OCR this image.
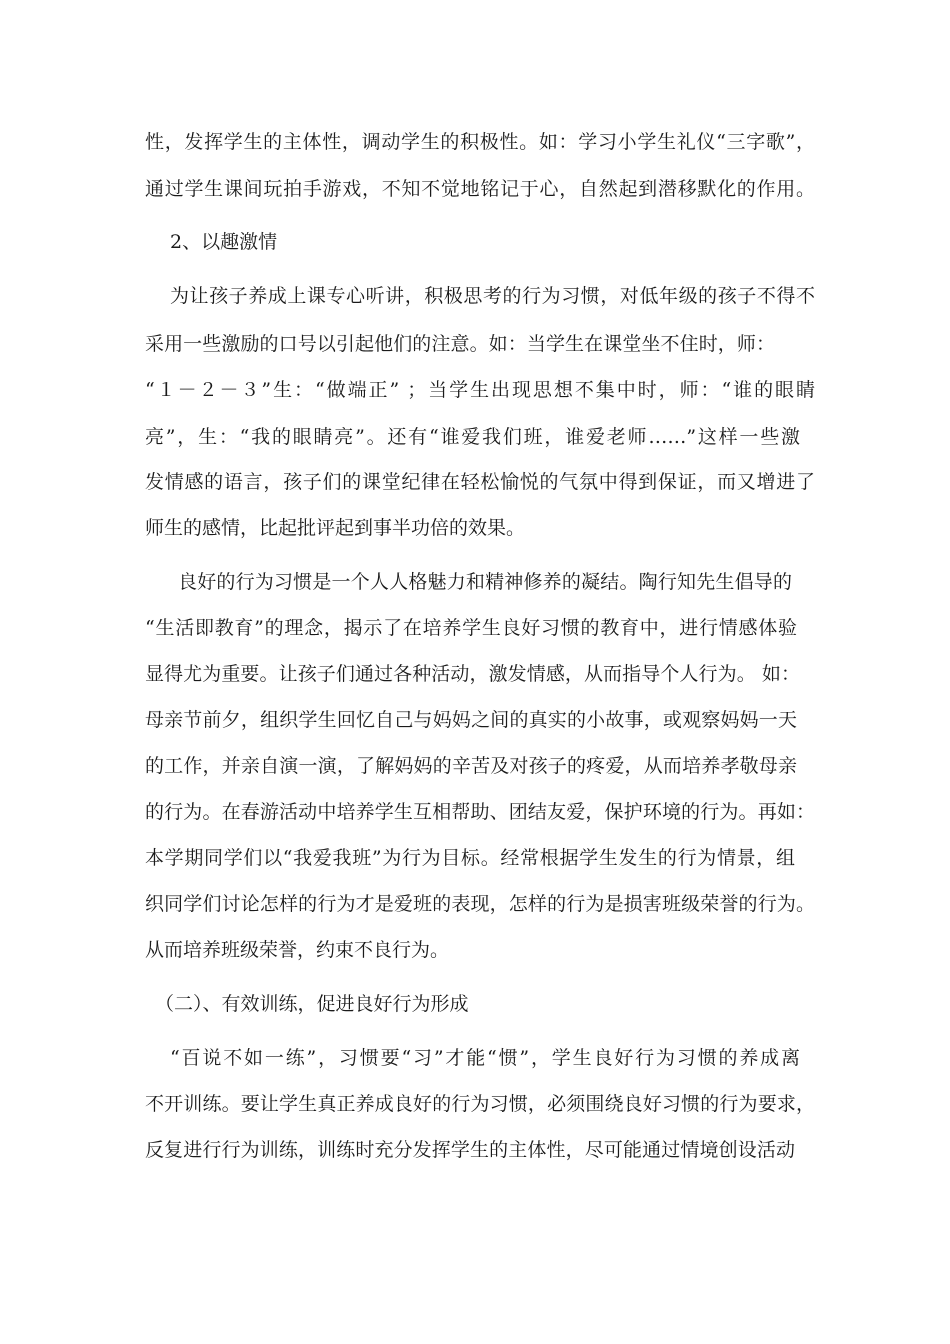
性，发挥学生的主体性，调动学生的积极性。如：学习小学生礼仪“三字歌”，
通过学生课间玩拍手游戏，不知不觉地铭记于心，自然起到潜移默化的作用。
2、以趣激情
为让孩子养成上课专心听讲，积极思考的行为习惯，对低年级的孩子不得不
采用一些激励的口号以引起他们的注意。如：当学生在课堂坐不住时，师：
“１－２－３”生：“做端正” ；当学生出现思想不集中时，师：“谁的眼睛
亮”，生：“我的眼睛亮”。还有“谁爱我们班，谁爱老师……”这样一些激
发情感的语言，孩子们的课堂纪律在轻松愉悦的气氛中得到保证，而又增进了
师生的感情，比起批评起到事半功倍的效果。
良好的行为习惯是一个人人格魅力和精神修养的凝结。陶行知先生倡导的
“生活即教育”的理念，揭示了在培养学生良好习惯的教育中，进行情感体验
显得尤为重要。让孩子们通过各种活动，激发情感，从而指导个人行为。 如：
母亲节前夕，组织学生回忆自己与妈妈之间的真实的小故事，或观察妈妈一天
的工作，并亲自演一演，了解妈妈的辛苦及对孩子的疼爱，从而培养孝敬母亲
的行为。在春游活动中培养学生互相帮助、团结友爱，保护环境的行为。再如：
本学期同学们以“我爱我班”为行为目标。经常根据学生发生的行为情景，组
织同学们讨论怎样的行为才是爱班的表现，怎样的行为是损害班级荣誉的行为。
从而培养班级荣誉，约束不良行为。
（二）、有效训练，促进良好行为形成
“百说不如一练”，习惯要“习”才能“惯”，学生良好行为习惯的养成离
不开训练。要让学生真正养成良好的行为习惯，必须围绕良好习惯的行为要求，
反复进行行为训练，训练时充分发挥学生的主体性，尽可能通过情境创设活动
